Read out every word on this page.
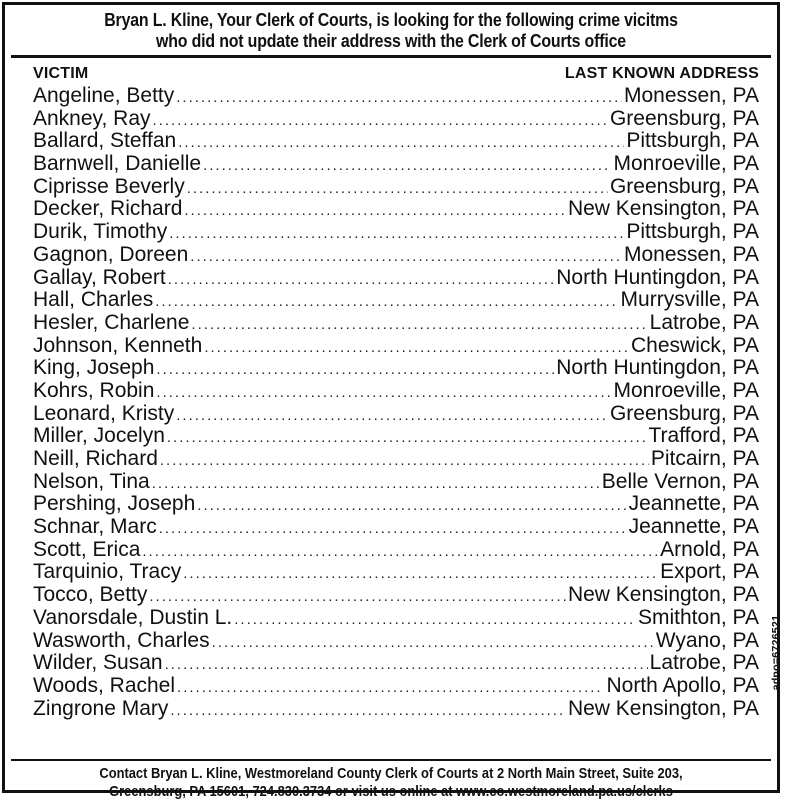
Bryan L. Kline, Your Clerk of Courts, is looking for the following crime vicitms
who did not update their address with the Clerk of Courts office
VICTIM	LAST KNOWN ADDRESS
Angeline, Betty .....	Monessen, PA
Ankney, Ray .....	Greensburg, PA
Ballard, Steffan .....	Pittsburgh, PA
Barnwell, Danielle .....	Monroeville, PA
Ciprisse Beverly .....	Greensburg, PA
Decker, Richard .....	New Kensington, PA
Durik, Timothy .....	Pittsburgh, PA
Gagnon, Doreen .....	Monessen, PA
Gallay, Robert .....	North Huntingdon, PA
Hall, Charles .....	Murrysville, PA
Hesler, Charlene .....	Latrobe, PA
Johnson, Kenneth .....	Cheswick, PA
King, Joseph .....	North Huntingdon, PA
Kohrs, Robin .....	Monroeville, PA
Leonard, Kristy .....	Greensburg, PA
Miller, Jocelyn .....	Trafford, PA
Neill, Richard .....	Pitcairn, PA
Nelson, Tina .....	Belle Vernon, PA
Pershing, Joseph .....	Jeannette, PA
Schnar, Marc .....	Jeannette, PA
Scott, Erica .....	Arnold, PA
Tarquinio, Tracy .....	Export, PA
Tocco, Betty .....	New Kensington, PA
Vanorsdale, Dustin L. .....	Smithton, PA
Wasworth, Charles .....	Wyano, PA
Wilder, Susan .....	Latrobe, PA
Woods, Rachel .....	North Apollo, PA
Zingrone Mary .....	New Kensington, PA
Contact Bryan L. Kline, Westmoreland County Clerk of Courts at 2 North Main Street, Suite 203,
Greensburg, PA 15601, 724.830.3734 or visit us online at www.co.westmoreland.pa.us/clerks
adno=6726521
